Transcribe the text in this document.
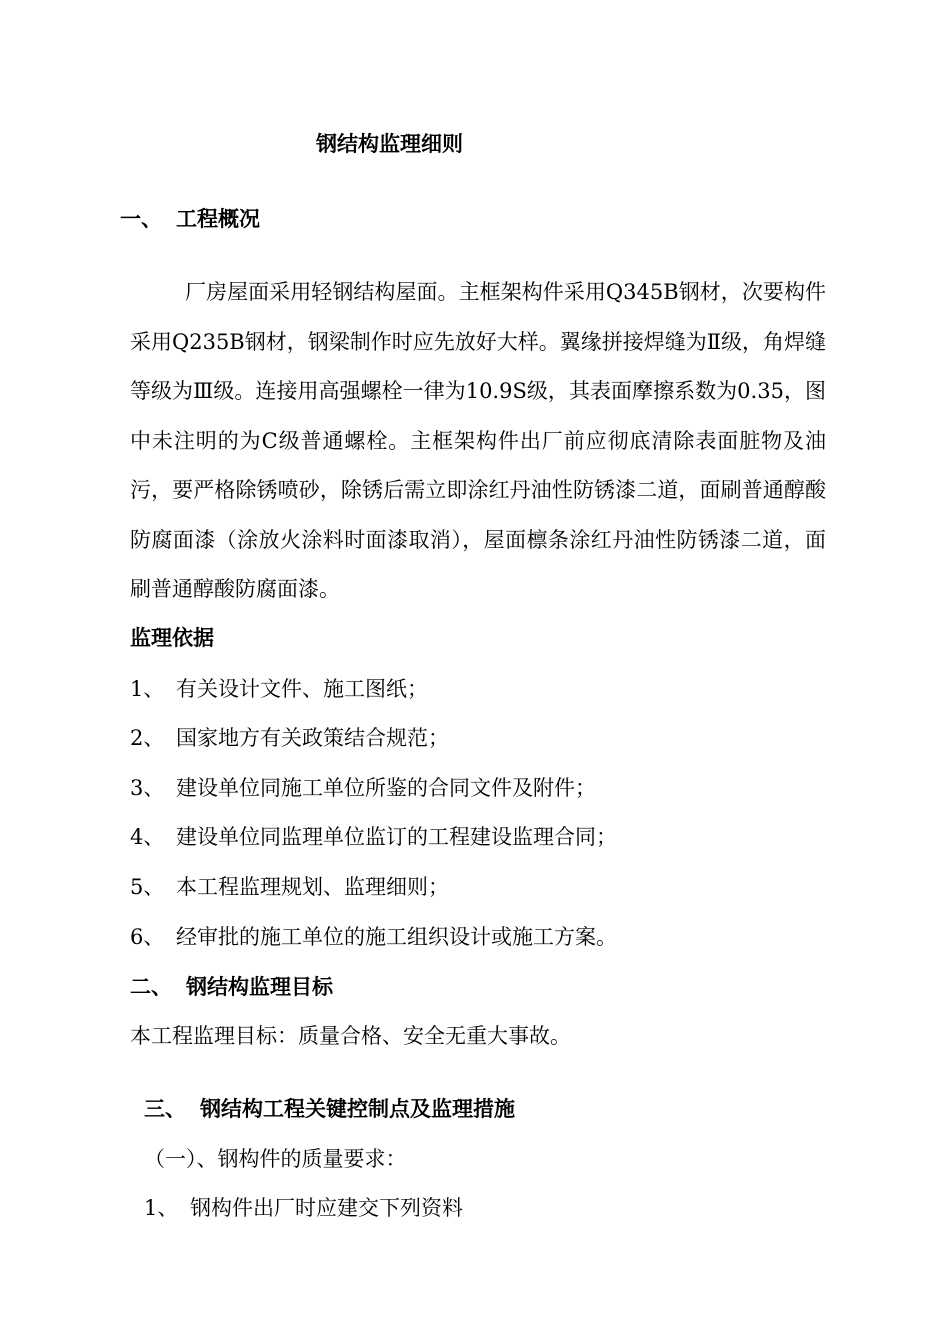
钢结构监理细则
一、 工程概况
厂房屋面采用轻钢结构屋面。主框架构件采用Q345B钢材，次要构件采用Q235B钢材，钢梁制作时应先放好大样。翼缘拼接焊缝为Ⅱ级，角焊缝等级为Ⅲ级。连接用高强螺栓一律为10.9S级，其表面摩擦系数为0.35，图中未注明的为C级普通螺栓。主框架构件出厂前应彻底清除表面脏物及油污，要严格除锈喷砂，除锈后需立即涂红丹油性防锈漆二道，面刷普通醇酸防腐面漆（涂放火涂料时面漆取消），屋面檩条涂红丹油性防锈漆二道，面刷普通醇酸防腐面漆。
监理依据
1、 有关设计文件、施工图纸；
2、 国家地方有关政策结合规范；
3、 建设单位同施工单位所鉴的合同文件及附件；
4、 建设单位同监理单位监订的工程建设监理合同；
5、 本工程监理规划、监理细则；
6、 经审批的施工单位的施工组织设计或施工方案。
二、 钢结构监理目标
本工程监理目标：质量合格、安全无重大事故。
三、 钢结构工程关键控制点及监理措施
（一）、钢构件的质量要求：
1、 钢构件出厂时应建交下列资料
